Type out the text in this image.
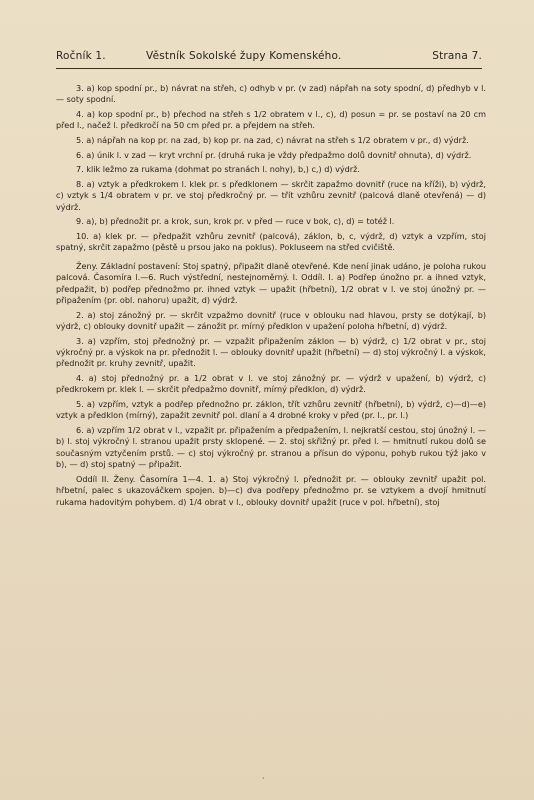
Ročník 1.	Věstník Sokolské župy Komenského.	Strana 7.

3. a) kop spodní pr., b) návrat na střeh, c) odhyb v pr. (v zad) nápřah na soty spodní, d) předhyb v l. — soty spodní.

4. a) kop spodní pr., b) přechod na střeh s 1/2 obratem v l., c), d) posun = pr. se postaví na 20 cm před l., načež l. předkročí na 50 cm před pr. a přejdem na střeh.

5. a) nápřah na kop pr. na zad, b) kop pr. na zad, c) návrat na střeh s 1/2 obratem v pr., d) výdrž.

6. a) únik l. v zad — kryt vrchní pr. (druhá ruka je vždy předpažmo dolů dovnitř ohnuta), d) výdrž.

7. klik ležmo za rukama (dohmat po stranách l. nohy), b,) c,) d) výdrž.

8. a) vztyk a předkrokem l. klek pr. s předklonem — skrčit zapažmo dovnitř (ruce na kříži), b) výdrž, c) vztyk s 1/4 obratem v pr. ve stoj předkročný pr. — třít vzhůru zevnitř (palcová dlaně otevřená) — d) výdrž.

9. a), b) přednožit pr. a krok, sun, krok pr. v před — ruce v bok, c), d) = totéž l.

10. a) klek pr. — předpažit vzhůru zevnitř (palcová), záklon, b, c, výdrž, d) vztyk a vzpřím, stoj spatný, skrčit zapažmo (pěstě u prsou jako na poklus). Pokluseem na střed cvičiště.

Ženy. Základní postavení: Stoj spatný, připažit dlaně otevřené. Kde není jinak udáno, je poloha rukou palcová. Časomíra l.—6. Ruch výstřední, nestejnoměrný. I. Oddíl. I. a) Podřep únožno pr. a ihned vztyk, předpažit, b) podřep přednožmo pr. ihned vztyk — upažit (hřbetní), 1/2 obrat v l. ve stoj únožný pr. — připažením (pr. obl. nahoru) upažit, d) výdrž.

2. a) stoj zánožný pr. — skrčit vzpažmo dovnitř (ruce v oblouku nad hlavou, prsty se dotýkají, b) výdrž, c) oblouky dovnitř upažit — zánožit pr. mírný předklon v upažení poloha hřbetní, d) výdrž.

3. a) vzpřím, stoj přednožný pr. — vzpažit připažením záklon — b) výdrž, c) 1/2 obrat v pr., stoj výkročný pr. a výskok na pr. přednožit l. — oblouky dovnitř upažit (hřbetní) — d) stoj výkročný l. a výskok, přednožit pr. kruhy zevnitř, upažit.

4. a) stoj přednožný pr. a 1/2 obrat v l. ve stoj zánožný pr. — výdrž v upažení, b) výdrž, c) předkrokem pr. klek l. — skrčit předpažmo dovnitř, mírný předklon, d) výdrž.

5. a) vzpřím, vztyk a podřep přednožno pr. záklon, třít vzhůru zevnitř (hřbetní), b) výdrž, c)—d)—e) vztyk a předklon (mírný), zapažit zevnitř pol. dlaní a 4 drobné kroky v před (pr. l., pr. l.)

6. a) vzpřím 1/2 obrat v l., vzpažit pr. připažením a předpažením, l. nejkratší cestou, stoj únožný l. — b) l. stoj výkročný l. stranou upažit prsty sklopené. — 2. stoj skřižný pr. před l. — hmitnutí rukou dolů se současným vztyčením prstů. — c) stoj výkročný pr. stranou a přísun do výponu, pohyb rukou týž jako v b), — d) stoj spatný — připažit.

Oddíl II. Ženy. Časomíra 1—4. 1. a) Stoj výkročný l. přednožit pr. — oblouky zevnitř upažit pol. hřbetní, palec s ukazováčkem spojen. b)—c) dva podřepy přednožmo pr. se vztykem a dvojí hmitnutí rukama hadovitým pohybem. d) 1/4 obrat v l., oblouky dovnitř upažit (ruce v pol. hřbetní), stoj

ʻ
